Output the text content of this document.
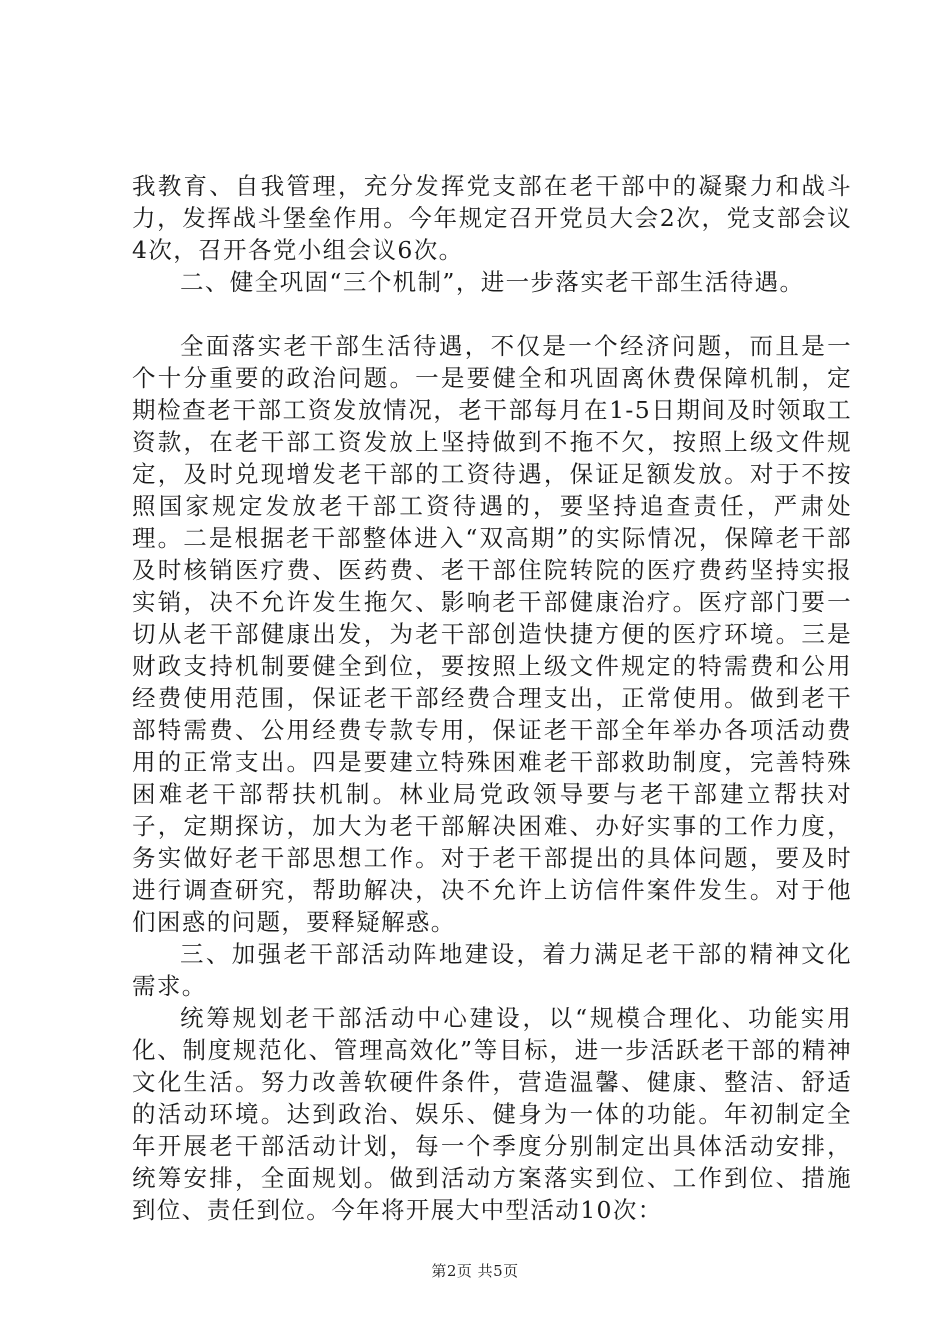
我教育、自我管理，充分发挥党支部在老干部中的凝聚力和战斗力，发挥战斗堡垒作用。今年规定召开党员大会2次，党支部会议4次，召开各党小组会议6次。

二、健全巩固“三个机制”，进一步落实老干部生活待遇。

全面落实老干部生活待遇，不仅是一个经济问题，而且是一个十分重要的政治问题。一是要健全和巩固离休费保障机制，定期检查老干部工资发放情况，老干部每月在1-5日期间及时领取工资款，在老干部工资发放上坚持做到不拖不欠，按照上级文件规定，及时兑现增发老干部的工资待遇，保证足额发放。对于不按照国家规定发放老干部工资待遇的，要坚持追查责任，严肃处理。二是根据老干部整体进入“双高期”的实际情况，保障老干部及时核销医疗费、医药费、老干部住院转院的医疗费药坚持实报实销，决不允许发生拖欠、影响老干部健康治疗。医疗部门要一切从老干部健康出发，为老干部创造快捷方便的医疗环境。三是财政支持机制要健全到位，要按照上级文件规定的特需费和公用经费使用范围，保证老干部经费合理支出，正常使用。做到老干部特需费、公用经费专款专用，保证老干部全年举办各项活动费用的正常支出。四是要建立特殊困难老干部救助制度，完善特殊困难老干部帮扶机制。林业局党政领导要与老干部建立帮扶对子，定期探访，加大为老干部解决困难、办好实事的工作力度，务实做好老干部思想工作。对于老干部提出的具体问题，要及时进行调查研究，帮助解决，决不允许上访信件案件发生。对于他们困惑的问题，要释疑解惑。

三、加强老干部活动阵地建设，着力满足老干部的精神文化需求。

统筹规划老干部活动中心建设，以“规模合理化、功能实用化、制度规范化、管理高效化”等目标，进一步活跃老干部的精神文化生活。努力改善软硬件条件，营造温馨、健康、整洁、舒适的活动环境。达到政治、娱乐、健身为一体的功能。年初制定全年开展老干部活动计划，每一个季度分别制定出具体活动安排，统筹安排，全面规划。做到活动方案落实到位、工作到位、措施到位、责任到位。今年将开展大中型活动10次：

第2页 共5页
